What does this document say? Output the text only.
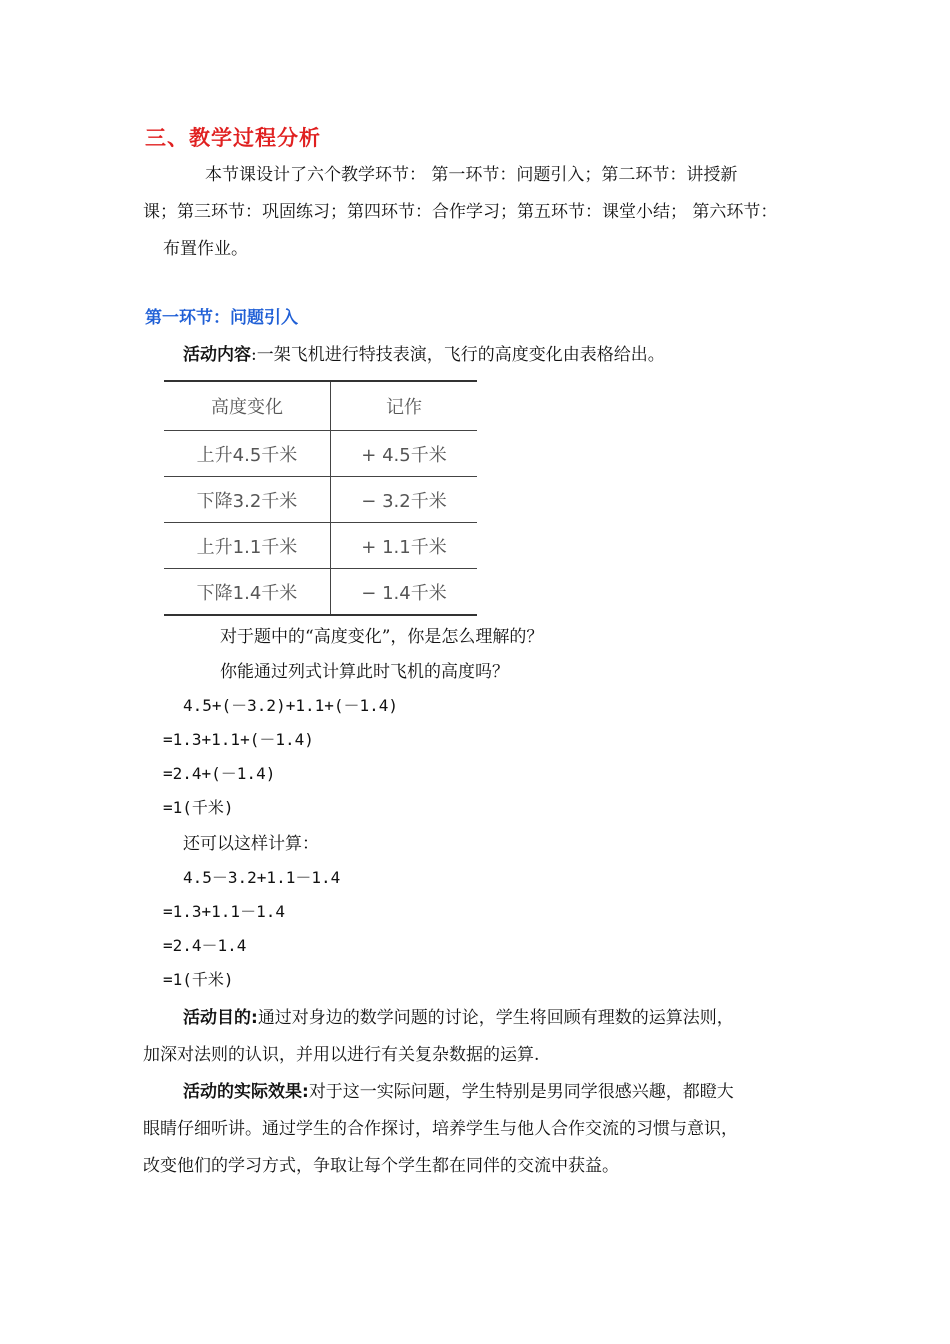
三、教学过程分析
本节课设计了六个教学环节： 第一环节：问题引入；第二环节：讲授新
课；第三环节：巩固练习；第四环节：合作学习；第五环节：课堂小结； 第六环节：
布置作业。
第一环节：问题引入
活动内容:一架飞机进行特技表演，飞行的高度变化由表格给出。
高度变化	记作
上升4.5千米	+ 4.5千米
下降3.2千米	− 3.2千米
上升1.1千米	+ 1.1千米
下降1.4千米	− 1.4千米
对于题中的“高度变化”，你是怎么理解的？
你能通过列式计算此时飞机的高度吗？
4.5+(－3.2)+1.1+(－1.4)
=1.3+1.1+(－1.4)
=2.4+(－1.4)
=1(千米)
还可以这样计算：
4.5－3.2+1.1－1.4
=1.3+1.1－1.4
=2.4－1.4
=1(千米)
活动目的:通过对身边的数学问题的讨论，学生将回顾有理数的运算法则，
加深对法则的认识，并用以进行有关复杂数据的运算.
活动的实际效果:对于这一实际问题，学生特别是男同学很感兴趣，都瞪大
眼睛仔细听讲。通过学生的合作探讨，培养学生与他人合作交流的习惯与意识，
改变他们的学习方式，争取让每个学生都在同伴的交流中获益。
